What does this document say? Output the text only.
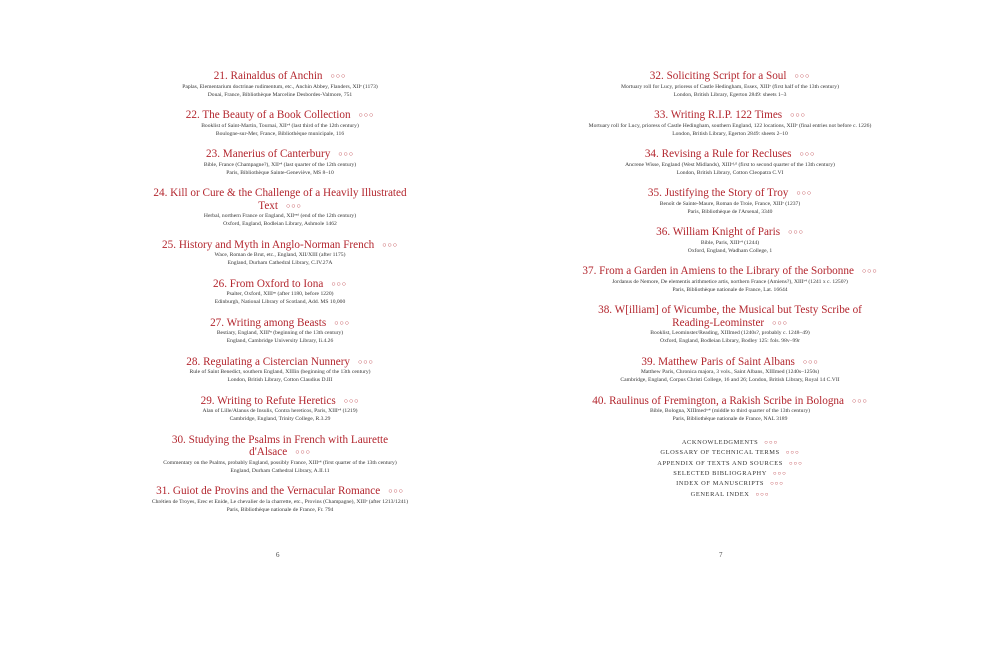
21. Rainaldus of Anchin ○○○
Paplas, Elementarium doctrinae rudimentum, etc., Anchin Abbey, Flanders, XIIᵉ (1173)
Douai, France, Bibliothèque Marceline Desbordes-Valmore, 751
22. The Beauty of a Book Collection ○○○
Booklist of Saint-Martin, Tournai, XIIᵉ⁴ (last third of the 12th century)
Boulogne-sur-Mer, France, Bibliothèque municipale, 116
23. Manerius of Canterbury ○○○
Bible, France (Champagne?), XIIᵉ⁴ (last quarter of the 12th century)
Paris, Bibliothèque Sainte-Geneviève, MS 8–10
24. Kill or Cure & the Challenge of a Heavily Illustrated Text ○○○
Herbal, northern France or England, XIIᵉⁿᵈ (end of the 12th century)
Oxford, England, Bodleian Library, Ashmole 1462
25. History and Myth in Anglo-Norman French ○○○
Wace, Roman de Brut, etc., England, XII/XIII (after 1175)
England, Durham Cathedral Library, C.IV.27A
26. From Oxford to Iona ○○○
Psalter, Oxford, XIIIᵉⁿ (after 1180, before 1220)
Edinburgh, National Library of Scotland, Add. MS 10,000
27. Writing among Beasts ○○○
Bestiary, England, XIIIⁱⁿ (beginning of the 13th century)
England, Cambridge University Library, Ii.4.26
28. Regulating a Cistercian Nunnery ○○○
Rule of Saint Benedict, southern England, XIIIin (beginning of the 13th century)
London, British Library, Cotton Claudius D.III
29. Writing to Refute Heretics ○○○
Alan of Lille/Alanus de Insulis, Contra hereticos, Paris, XIIIᵉ⁴ (1219)
Cambridge, England, Trinity College, R.3.29
30. Studying the Psalms in French with Laurette d'Alsace ○○○
Commentary on the Psalms, probably England, possibly France, XIIIᵉ⁴ (first quarter of the 13th century)
England, Durham Cathedral Library, A.II.11
31. Guiot de Provins and the Vernacular Romance ○○○
Chrétien de Troyes, Erec et Enide, Le chevalier de la charrette, etc., Provins (Champagne), XIIIᵉ (after 1213/1241)
Paris, Bibliothèque nationale de France, Fr. 794
6
32. Soliciting Script for a Soul ○○○
Mortuary roll for Lucy, prioress of Castle Hedingham, Essex, XIIIᵉ (first half of the 13th century)
London, British Library, Egerton 2849: sheets 1–3
33. Writing R.I.P. 122 Times ○○○
Mortuary roll for Lucy, prioress of Castle Hedingham, southern England, 122 locations, XIIIᵉ (final entries not before c. 1226)
London, British Library, Egerton 2849: sheets 2–10
34. Revising a Rule for Recluses ○○○
Ancrene Wisse, England (West Midlands), XIIIᵉ¹⁄² (first to second quarter of the 13th century)
London, British Library, Cotton Cleopatra C.VI
35. Justifying the Story of Troy ○○○
Benoît de Sainte-Maure, Roman de Troie, France, XIIIᵉ (1237)
Paris, Bibliothèque de l'Arsenal, 3340
36. William Knight of Paris ○○○
Bible, Paris, XIIIᵉ⁴ (1244)
Oxford, England, Wadham College, 1
37. From a Garden in Amiens to the Library of the Sorbonne ○○○
Jordanus de Nemore, De elementis arithmetice artis, northern France (Amiens?), XIIIᵉ⁴ (1241 x c. 1250?)
Paris, Bibliothèque nationale de France, Lat. 16644
38. W[illiam] of Wicumbe, the Musical but Testy Scribe of Reading-Leominster ○○○
Booklist, Leominster/Reading, XIIImed (1240s?, probably c. 1248–49)
Oxford, England, Bodleian Library, Bodley 125: fols. 98v–99r
39. Matthew Paris of Saint Albans ○○○
Matthew Paris, Chronica majora, 3 vols., Saint Albans, XIIImed (1240s–1250s)
Cambridge, England, Corpus Christi College, 16 and 26; London, British Library, Royal 14 C.VII
40. Raulinus of Fremington, a Rakish Scribe in Bologna ○○○
Bible, Bologna, XIIImedᵗᵒ⁴ (middle to third quarter of the 13th century)
Paris, Bibliothèque nationale de France, NAL 3189
ACKNOWLEDGMENTS ○○○
GLOSSARY OF TECHNICAL TERMS ○○○
APPENDIX OF TEXTS AND SOURCES ○○○
SELECTED BIBLIOGRAPHY ○○○
INDEX OF MANUSCRIPTS ○○○
GENERAL INDEX ○○○
7
